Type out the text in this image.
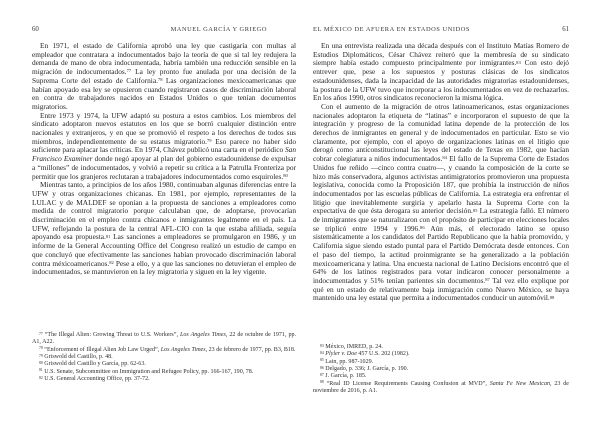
60	MANUEL GARCÍA Y GRIEGO

En 1971, el estado de California aprobó una ley que castigaría con multas al empleador que contratara a indocumentados bajo la teoría de que si tal ley redujera la demanda de mano de obra indocumentada, habría también una reducción sensible en la migración de indocumentados.$^{77}$ La ley pronto fue anulada por una decisión de la Suprema Corte del estado de California.$^{78}$ Las organizaciones mexicoamericanas que habían apoyado esa ley se opusieron cuando registraron casos de discriminación laboral en contra de trabajadores nacidos en Estados Unidos o que tenían documentos migratorios.

Entre 1973 y 1974, la UFW adaptó su postura a estos cambios. Los miembros del sindicato adoptaron nuevos estatutos en los que se borró cualquier distinción entre nacionales y extranjeros, y en que se promovió el respeto a los derechos de todos sus miembros, independientemente de su estatus migratorio.$^{79}$ Eso parece no haber sido suficiente para aplacar las críticas. En 1974, Chávez publicó una carta en el periódico San Francisco Examiner donde negó apoyar al plan del gobierno estadounidense de expulsar a “millones” de indocumentados, y volvió a repetir su crítica a la Patrulla Fronteriza por permitir que los granjeros reclutaran a trabajadores indocumentados como esquiroles.$^{80}$

Mientras tanto, a principios de los años 1980, continuaban algunas diferencias entre la UFW y otras organizaciones chicanas. En 1981, por ejemplo, representantes de la LULAC y de MALDEF se oponían a la propuesta de sanciones a empleadores como medida de control migratorio porque calculaban que, de adoptarse, provocarían discriminación en el empleo contra chicanos e inmigrantes legalmente en el país. La UFW, reflejando la postura de la central AFL-CIO con la que estaba afiliada, seguía apoyando esa propuesta.$^{81}$ Las sanciones a empleadores se promulgaron en 1986, y un informe de la General Accounting Office del Congreso realizó un estudio de campo en que concluyó que efectivamente las sanciones habían provocado discriminación laboral contra méxicoamericanos.$^{82}$ Pese a ello, y a que las sanciones no detuvieran el empleo de indocumentados, se mantuvieron en la ley migratoria y siguen en la ley vigente.

$^{77}$ “The Illegal Alien: Growing Threat to U.S. Workers”, Los Angeles Times, 22 de octubre de 1971, pp. A1, A22.

$^{78}$ “Enforcement of Illegal Alien Job Law Urged”, Los Angeles Times, 23 de febrero de 1977, pp. B3, B18.

$^{79}$ Griswold del Castillo, p. 48.

$^{80}$ Griswold del Castillo y García, pp. 62-63.

$^{81}$ U.S. Senate, Subcommittee on Immigration and Refugee Policy, pp. 166-167, 190, 78.

$^{82}$ U.S. General Accounting Office, pp. 37-72.

EL MÉXICO DE AFUERA EN ESTADOS UNIDOS	61

En una entrevista realizada una década después con el Instituto Matías Romero de Estudios Diplomáticos, César Chávez reiteró que la membresía de su sindicato siempre había estado compuesto principalmente por inmigrantes.$^{83}$ Con esto dejó entrever que, pese a los supuestos y posturas clásicas de los sindicatos estadounidenses, dada la incapacidad de las autoridades migratorias estadounidenses, la postura de la UFW tuvo que incorporar a los indocumentados en vez de rechazarlos. En los años 1990, otros sindicatos reconocieron la misma lógica.

Con el aumento de la migración de otros latinoamericanos, estas organizaciones nacionales adoptaron la etiqueta de “latinas” e incorporaron el supuesto de que la integración y progreso de la comunidad latina depende de la protección de los derechos de inmigrantes en general y de indocumentados en particular. Esto se vio claramente, por ejemplo, con el apoyo de organizaciones latinas en el litigio que derogó como anticonstitucional las leyes del estado de Texas en 1982, que hacían cobrar colegiatura a niños indocumentados.$^{84}$ El fallo de la Suprema Corte de Estados Unidos fue reñido —cinco contra cuatro—, y cuando la composición de la corte se hizo más conservadora, algunos activistas antimigratorios promovieron una propuesta legislativa, conocida como la Proposición 187, que prohibía la instrucción de niños indocumentados por las escuelas públicas de California. La estrategia era enfrentar el litigio que inevitablemente surgiría y apelarlo hasta la Suprema Corte con la expectativa de que ésta derogara su anterior decisión.$^{85}$ La estrategia falló. El número de inmigrantes que se naturalizaron con el propósito de participar en elecciones locales se triplicó entre 1994 y 1996.86 Aún más, el electorado latino se opuso sistemáticamente a los candidatos del Partido Republicano que la había promovido, y California sigue siendo estado puntal para el Partido Demócrata desde entonces. Con el paso del tiempo, la actitud proinmigrante se ha generalizado a la población mexicoamericana y latina. Una encuesta nacional de Latino Decisions encontró que el 64% de los latinos registrados para votar indicaron conocer personalmente a indocumentados y 51% tenían parientes sin documentos.$^{87}$ Tal vez ello explique por qué en un estado de relativamente baja inmigración como Nuevo México, se haya mantenido una ley estatal que permita a indocumentados conducir un automóvil.$^{88}$

$^{83}$ México, IMRED, p. 24.

$^{84}$ Plyler v. Doe 457 U.S. 202 (1982).

$^{85}$ Lain, pp. 987-1029.

$^{86}$ Delgado, p. 336; J. García, p. 190.

$^{87}$ J. García, p. 185.

$^{88}$ “Real ID License Requirements Causing Confusion at MVD”, Santa Fe New Mexican, 23 de noviembre de 2016, p. A1.
